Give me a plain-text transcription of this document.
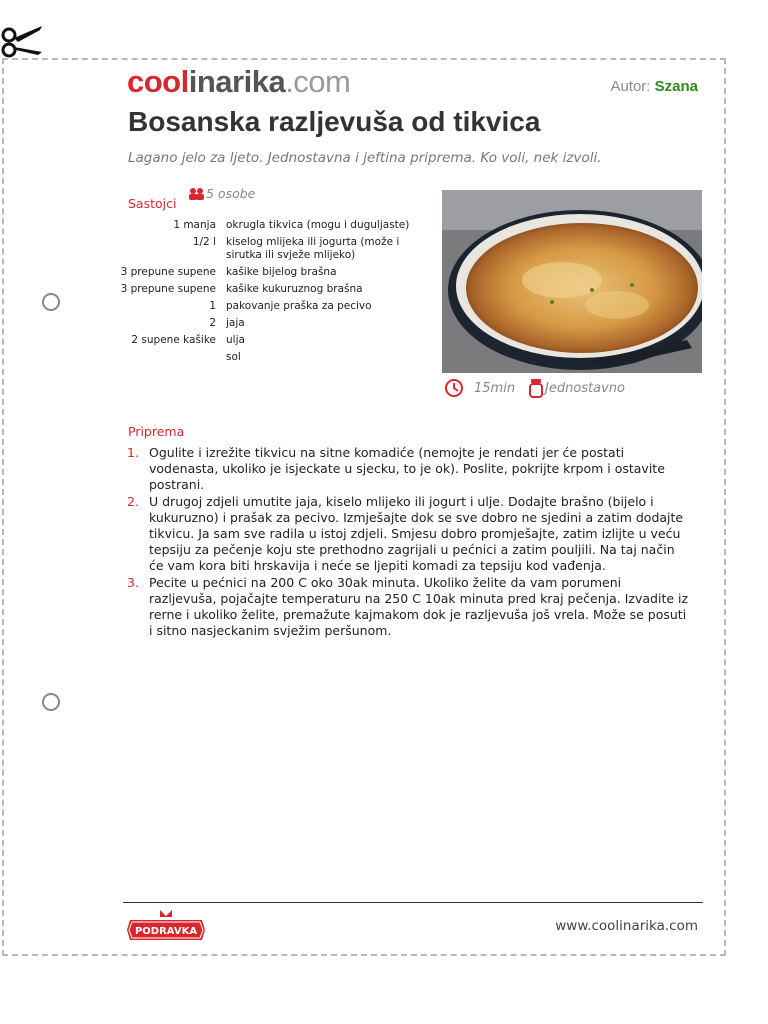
coolinarika.com	Autor: Szana
Bosanska razljevuša od tikvica
Lagano jelo za ljeto. Jednostavna i jeftina priprema. Ko voli, nek izvoli.
Sastojci
5 osobe
1 manja okrugla tikvica (mogu i duguljaste)
1/2 l kiselog mlijeka ili jogurta (može i sirutka ili svježe mlijeko)
3 prepune supene kašike bijelog brašna
3 prepune supene kašike kukuruznog brašna
1 pakovanje praška za pecivo
2 jaja
2 supene kašike ulja
sol
15min Jednostavno
Priprema
1. Ogulite i izrežite tikvicu na sitne komadiće (nemojte je rendati jer će postati vodenasta, ukoliko je isjeckate u sjecku, to je ok). Poslite, pokrijte krpom i ostavite postrani.
2. U drugoj zdjeli umutite jaja, kiselo mlijeko ili jogurt i ulje. Dodajte brašno (bijelo i kukuruzno) i prašak za pecivo. Izmješajte dok se sve dobro ne sjedini a zatim dodajte tikvicu. Ja sam sve radila u istoj zdjeli. Smjesu dobro promješajte, zatim izlijte u veću tepsiju za pečenje koju ste prethodno zagrijali u pećnici a zatim pouljili. Na taj način će vam kora biti hrskavija i neće se ljepiti komadi za tepsiju kod vađenja.
3. Pecite u pećnici na 200 C oko 30ak minuta. Ukoliko želite da vam porumeni razljevuša, pojačajte temperaturu na 250 C 10ak minuta pred kraj pečenja. Izvadite iz rerne i ukoliko želite, premažute kajmakom dok je razljevuša još vrela. Može se posuti i sitno nasjeckanim svježim peršunom.
PODRAVKA	www.coolinarika.com
